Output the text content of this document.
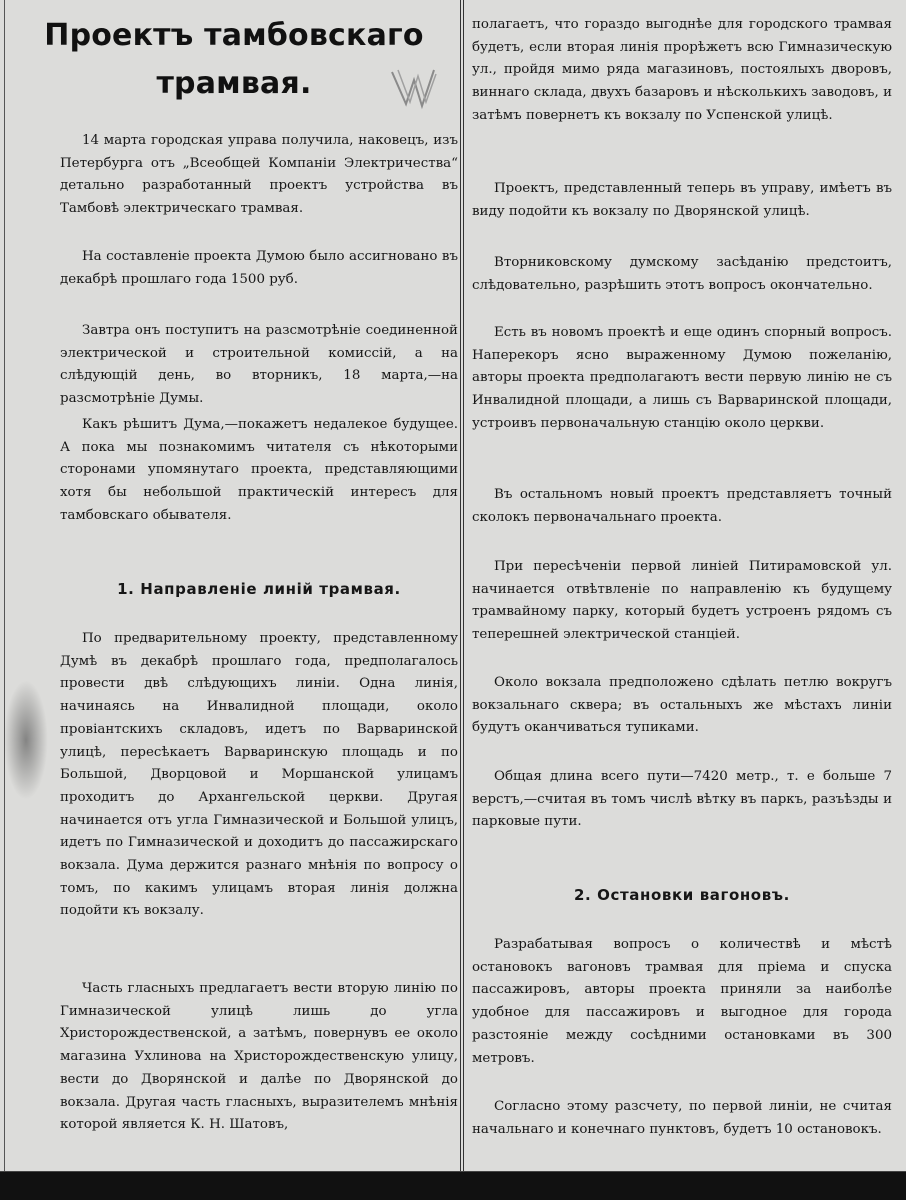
Проектъ тамбовскаго
трамвая.
14 марта городская управа получила, наковецъ, изъ Петербурга отъ „Всеобщей Компаніи Электричества“ детально разработанный проектъ устройства въ Тамбовѣ электрическаго трамвая.
На составленіе проекта Думою было ассигновано въ декабрѣ прошлаго года 1500 руб.
Завтра онъ поступитъ на разсмотрѣніе соединенной электрической и строительной комиссій, а на слѣдующій день, во вторникъ, 18 марта,—на разсмотрѣніе Думы.
Какъ рѣшитъ Дума,—покажетъ недалекое будущее. А пока мы познакомимъ читателя съ нѣкоторыми сторонами упомянутаго проекта, представляющими хотя бы небольшой практическій интересъ для тамбовскаго обывателя.
1. Направленіе линій трамвая.
По предварительному проекту, представленному Думѣ въ декабрѣ прошлаго года, предполагалось провести двѣ слѣдующихъ линіи. Одна линія, начинаясь на Инвалидной площади, около провіантскихъ складовъ, идетъ по Варваринской улицѣ, пересѣкаетъ Варваринскую площадь и по Большой, Дворцовой и Моршанской улицамъ проходитъ до Архангельской церкви. Другая начинается отъ угла Гимназической и Большой улицъ, идетъ по Гимназической и доходитъ до пассажирскаго вокзала. Дума держится разнаго мнѣнія по вопросу о томъ, по какимъ улицамъ вторая линія должна подойти къ вокзалу.
Часть гласныхъ предлагаетъ вести вторую линію по Гимназической улицѣ лишь до угла Христорождественской, а затѣмъ, повернувъ ее около магазина Ухлинова на Христорождественскую улицу, вести до Дворянской и далѣе по Дворянской до вокзала. Другая часть гласныхъ, выразителемъ мнѣнія которой является К. Н. Шатовъ,
полагаетъ, что гораздо выгоднѣе для городского трамвая будетъ, если вторая линія прорѣжетъ всю Гимназическую ул., пройдя мимо ряда магазиновъ, постоялыхъ дворовъ, виннаго склада, двухъ базаровъ и нѣсколькихъ заводовъ, и затѣмъ повернетъ къ вокзалу по Успенской улицѣ.
Проектъ, представленный теперь въ управу, имѣетъ въ виду подойти къ вокзалу по Дворянской улицѣ.
Вторниковскому думскому засѣданію предстоитъ, слѣдовательно, разрѣшить этотъ вопросъ окончательно.
Есть въ новомъ проектѣ и еще одинъ спорный вопросъ. Наперекоръ ясно выраженному Думою пожеланію, авторы проекта предполагаютъ вести первую линію не съ Инвалидной площади, а лишь съ Варваринской площади, устроивъ первоначальную станцію около церкви.
Въ остальномъ новый проектъ представляетъ точный сколокъ первоначальнаго проекта.
При пересѣченіи первой линіей Питирамовской ул. начинается отвѣтвленіе по направленію къ будущему трамвайному парку, который будетъ устроенъ рядомъ съ теперешней электрической станціей.
Около вокзала предположено сдѣлать петлю вокругъ вокзальнаго сквера; въ остальныхъ же мѣстахъ линіи будутъ оканчиваться тупиками.
Общая длина всего пути—7420 метр., т. е больше 7 верстъ,—считая въ томъ числѣ вѣтку въ паркъ, разъѣзды и парковые пути.
2. Остановки вагоновъ.
Разрабатывая вопросъ о количествѣ и мѣстѣ остановокъ вагоновъ трамвая для пріема и спуска пассажировъ, авторы проекта приняли за наиболѣе удобное для пассажировъ и выгодное для города разстояніе между сосѣдними остановками въ 300 метровъ.
Согласно этому разсчету, по первой линіи, не считая начальнаго и конечнаго пунктовъ, будетъ 10 остановокъ.
